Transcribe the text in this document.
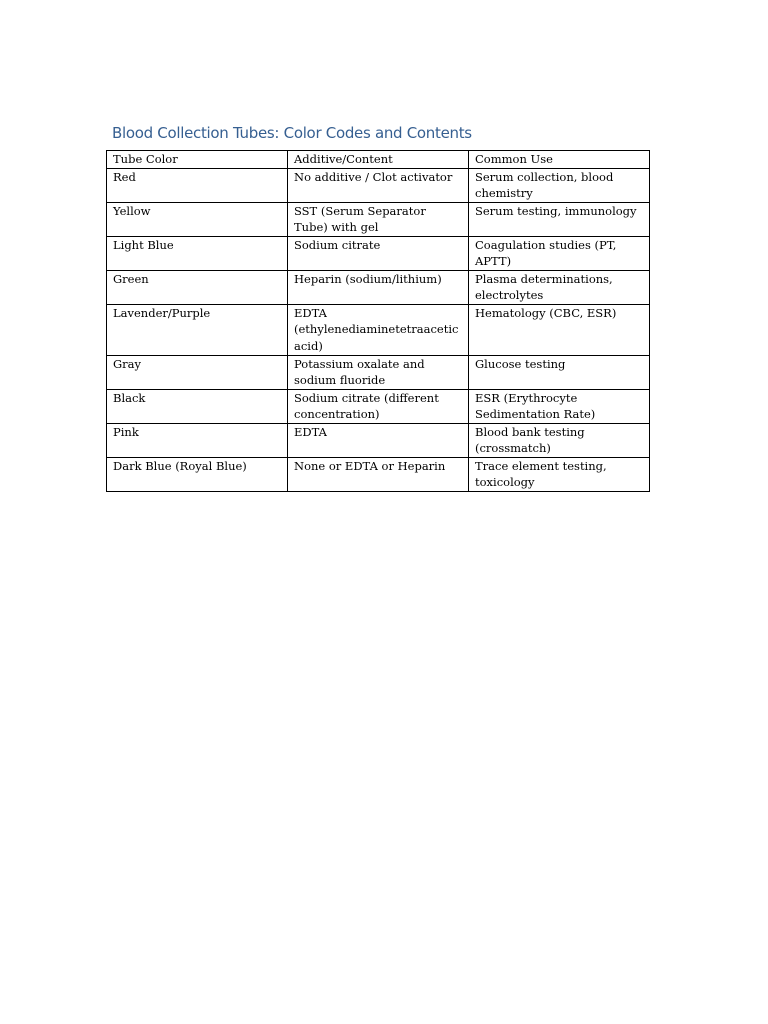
Blood Collection Tubes: Color Codes and Contents
Tube Color	Additive/Content	Common Use
Red	No additive / Clot activator	Serum collection, blood chemistry
Yellow	SST (Serum Separator Tube) with gel	Serum testing, immunology
Light Blue	Sodium citrate	Coagulation studies (PT, APTT)
Green	Heparin (sodium/lithium)	Plasma determinations, electrolytes
Lavender/Purple	EDTA (ethylenediaminetetraacetic acid)	Hematology (CBC, ESR)
Gray	Potassium oxalate and sodium fluoride	Glucose testing
Black	Sodium citrate (different concentration)	ESR (Erythrocyte Sedimentation Rate)
Pink	EDTA	Blood bank testing (crossmatch)
Dark Blue (Royal Blue)	None or EDTA or Heparin	Trace element testing, toxicology
